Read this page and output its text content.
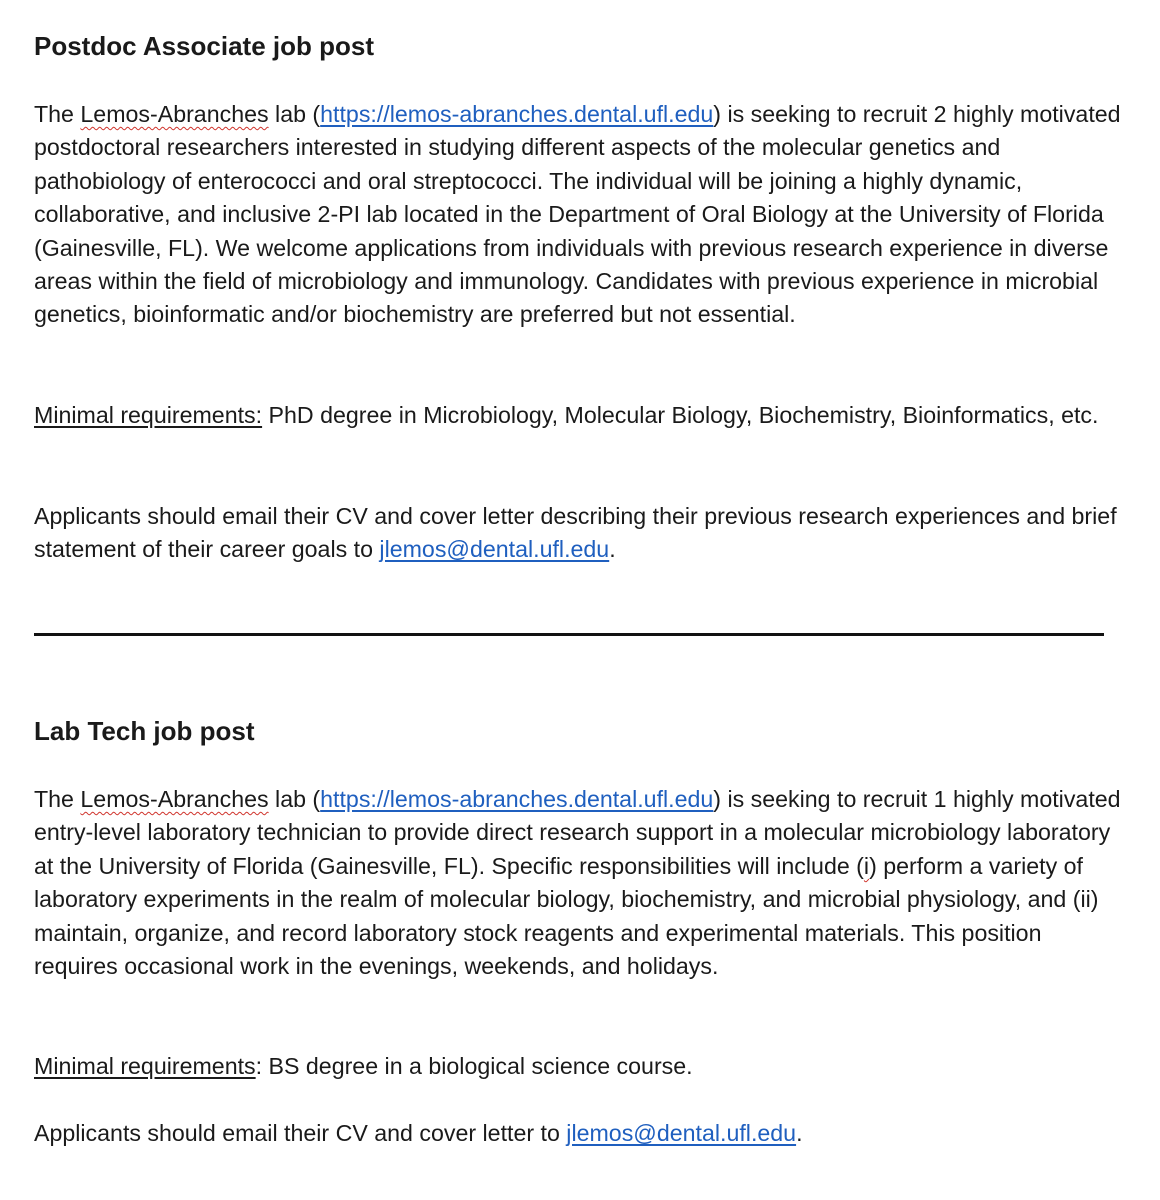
Postdoc Associate job post

The Lemos-Abranches lab (https://lemos-abranches.dental.ufl.edu) is seeking to recruit 2 highly motivated postdoctoral researchers interested in studying different aspects of the molecular genetics and pathobiology of enterococci and oral streptococci. The individual will be joining a highly dynamic, collaborative, and inclusive 2-PI lab located in the Department of Oral Biology at the University of Florida (Gainesville, FL). We welcome applications from individuals with previous research experience in diverse areas within the field of microbiology and immunology. Candidates with previous experience in microbial genetics, bioinformatic and/or biochemistry are preferred but not essential.

Minimal requirements: PhD degree in Microbiology, Molecular Biology, Biochemistry, Bioinformatics, etc.

Applicants should email their CV and cover letter describing their previous research experiences and brief statement of their career goals to jlemos@dental.ufl.edu.

Lab Tech job post

The Lemos-Abranches lab (https://lemos-abranches.dental.ufl.edu) is seeking to recruit 1 highly motivated entry-level laboratory technician to provide direct research support in a molecular microbiology laboratory at the University of Florida (Gainesville, FL). Specific responsibilities will include (i) perform a variety of laboratory experiments in the realm of molecular biology, biochemistry, and microbial physiology, and (ii) maintain, organize, and record laboratory stock reagents and experimental materials. This position requires occasional work in the evenings, weekends, and holidays.

Minimal requirements: BS degree in a biological science course.

Applicants should email their CV and cover letter to jlemos@dental.ufl.edu.
